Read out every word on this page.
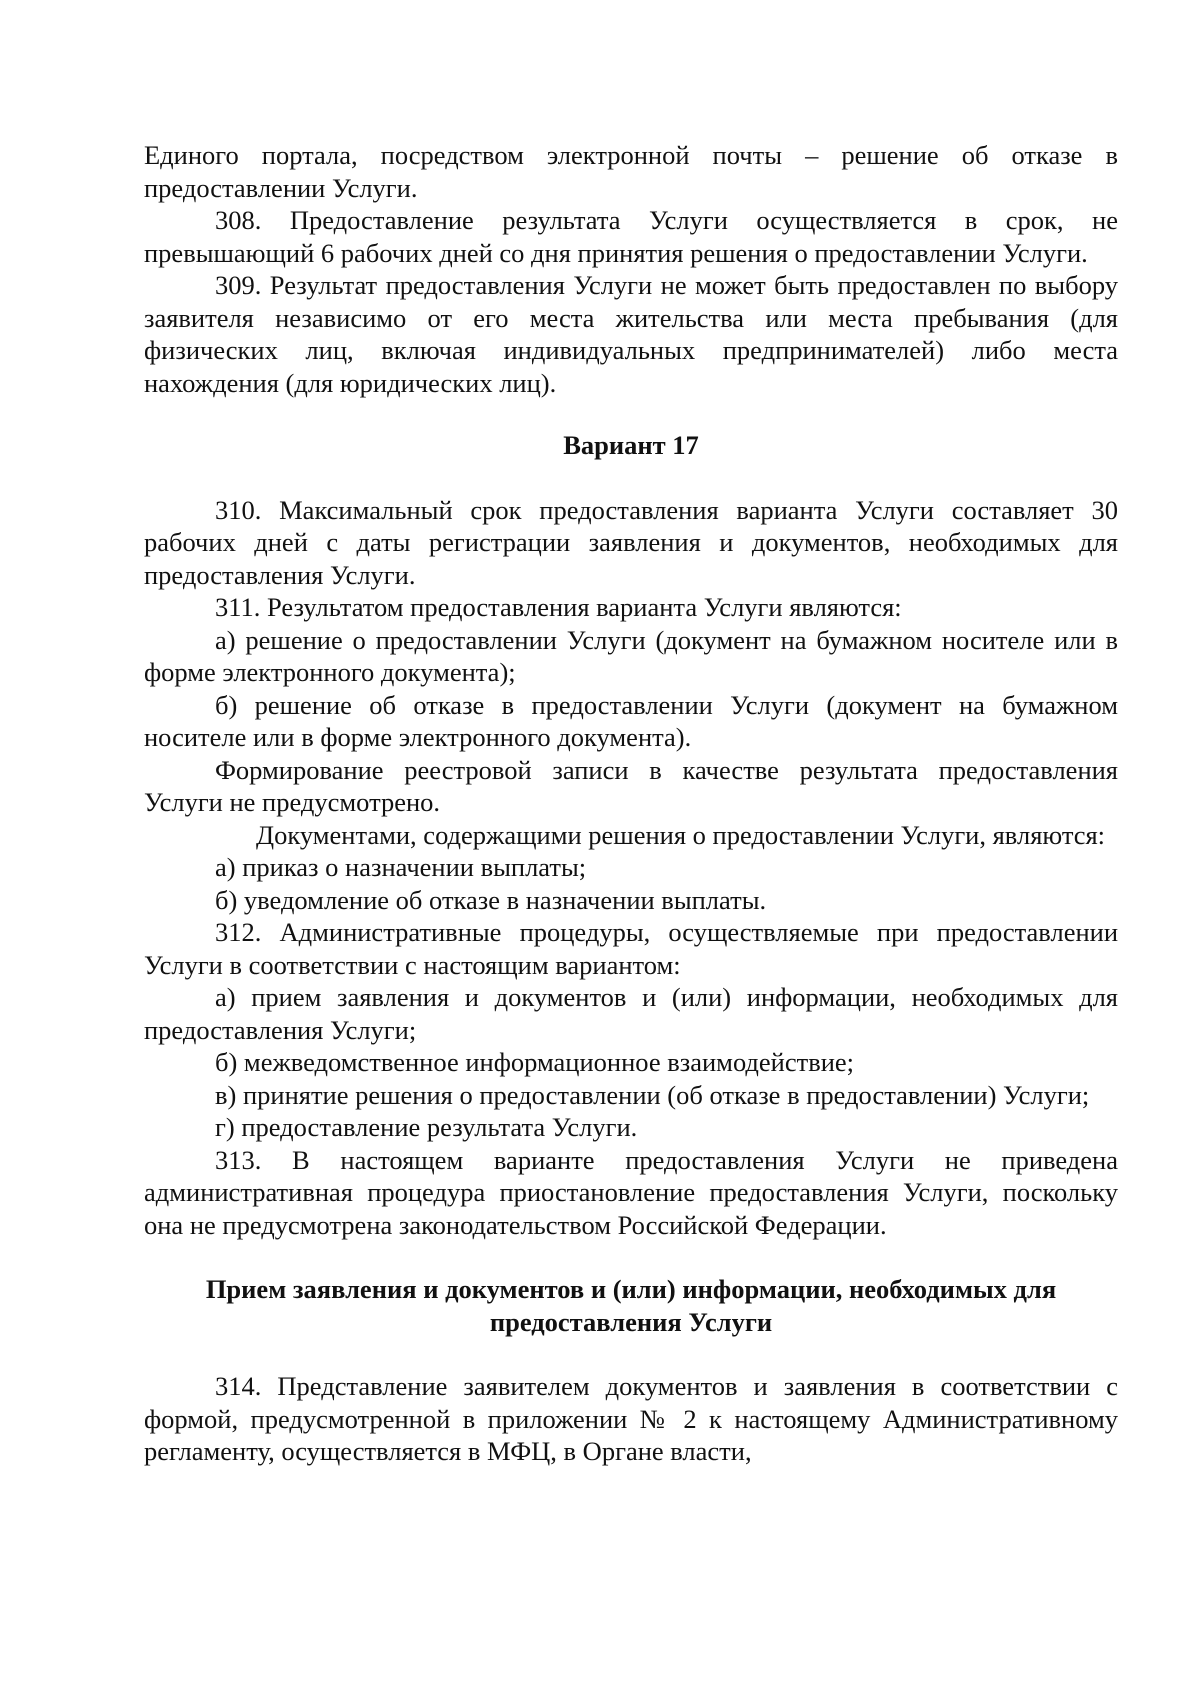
Единого портала, посредством электронной почты – решение об отказе в предоставлении Услуги.

308. Предоставление результата Услуги осуществляется в срок, не превышающий 6 рабочих дней со дня принятия решения о предоставлении Услуги.

309. Результат предоставления Услуги не может быть предоставлен по выбору заявителя независимо от его места жительства или места пребывания (для физических лиц, включая индивидуальных предпринимателей) либо места нахождения (для юридических лиц).

Вариант 17

310. Максимальный срок предоставления варианта Услуги составляет 30 рабочих дней с даты регистрации заявления и документов, необходимых для предоставления Услуги.

311. Результатом предоставления варианта Услуги являются:

а) решение о предоставлении Услуги (документ на бумажном носителе или в форме электронного документа);

б) решение об отказе в предоставлении Услуги (документ на бумажном носителе или в форме электронного документа).

Формирование реестровой записи в качестве результата предоставления Услуги не предусмотрено.

Документами, содержащими решения о предоставлении Услуги, являются:

а) приказ о назначении выплаты;

б) уведомление об отказе в назначении выплаты.

312. Административные процедуры, осуществляемые при предоставлении Услуги в соответствии с настоящим вариантом:

а) прием заявления и документов и (или) информации, необходимых для предоставления Услуги;

б) межведомственное информационное взаимодействие;

в) принятие решения о предоставлении (об отказе в предоставлении) Услуги;

г) предоставление результата Услуги.

313. В настоящем варианте предоставления Услуги не приведена административная процедура приостановление предоставления Услуги, поскольку она не предусмотрена законодательством Российской Федерации.

Прием заявления и документов и (или) информации, необходимых для предоставления Услуги

314. Представление заявителем документов и заявления в соответствии с формой, предусмотренной в приложении № 2 к настоящему Административному регламенту, осуществляется в МФЦ, в Органе власти,
